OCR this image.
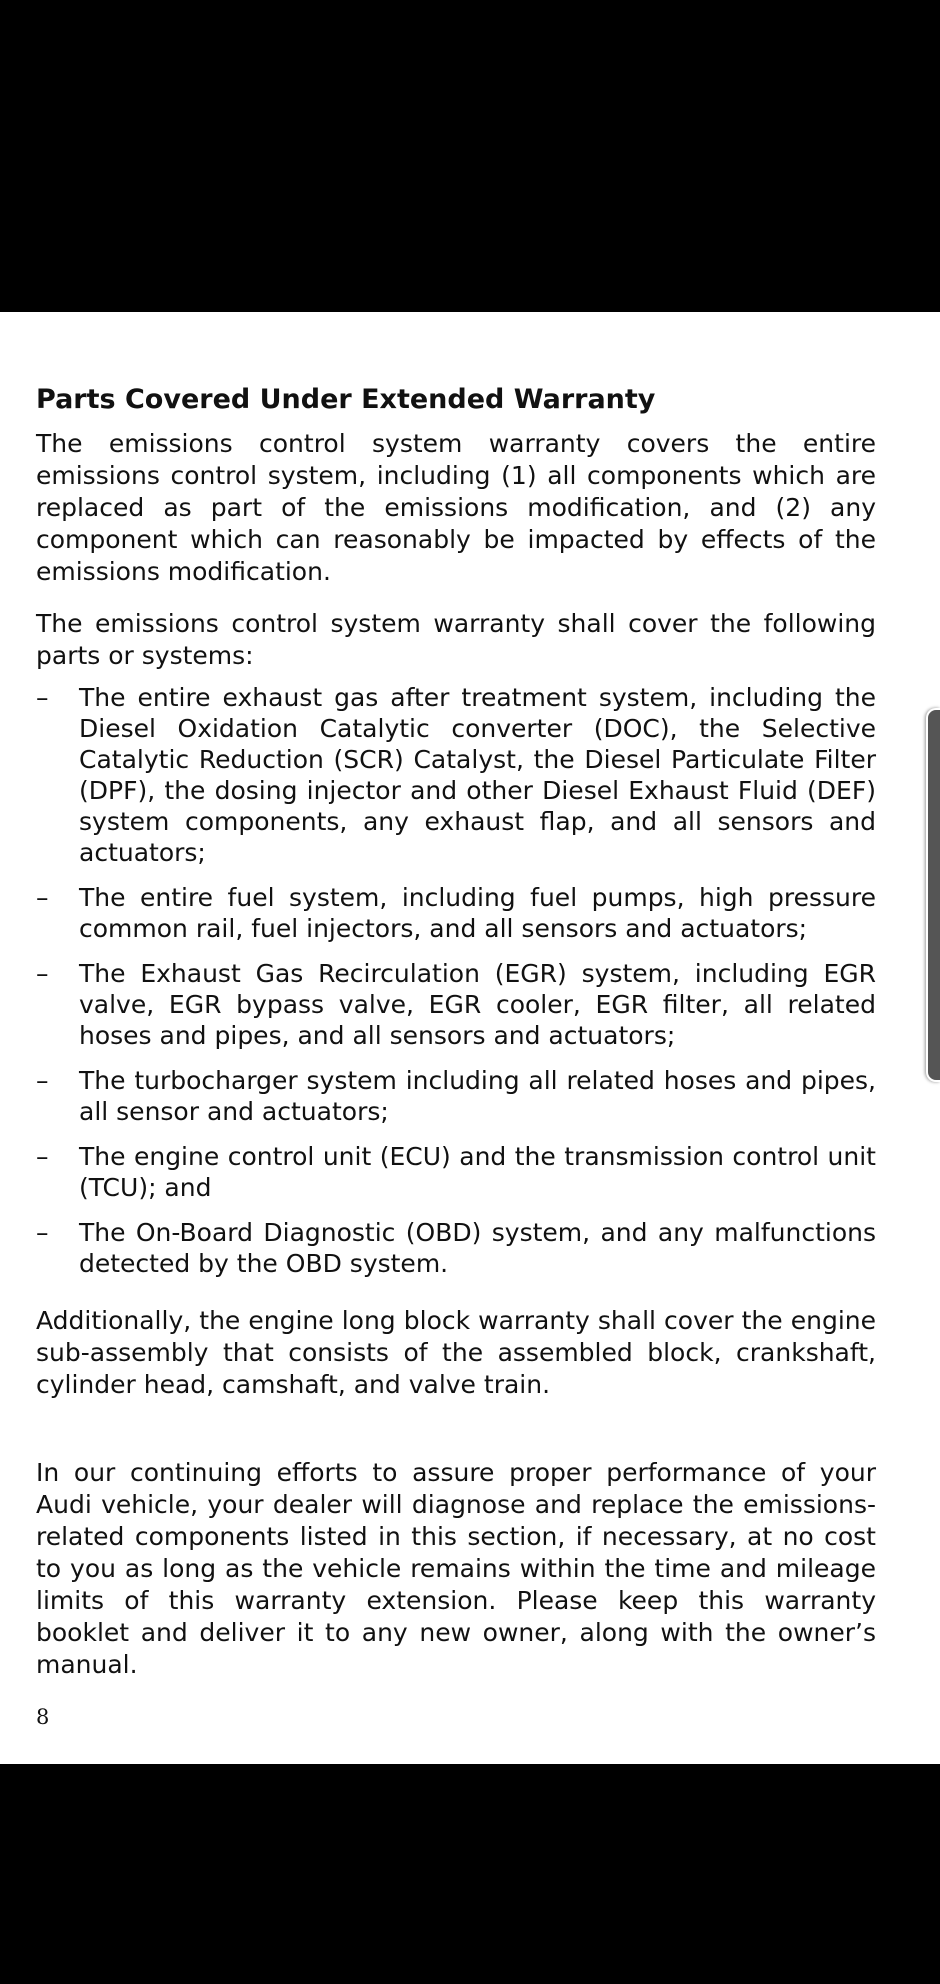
Parts Covered Under Extended Warranty

The emissions control system warranty covers the entire emissions control system, including (1) all components which are replaced as part of the emissions modification, and (2) any component which can reasonably be impacted by effects of the emissions modification.

The emissions control system warranty shall cover the following parts or systems:

– The entire exhaust gas after treatment system, including the Diesel Oxidation Catalytic converter (DOC), the Selective Catalytic Reduction (SCR) Catalyst, the Diesel Particulate Filter (DPF), the dosing injector and other Diesel Exhaust Fluid (DEF) system components, any exhaust flap, and all sensors and actuators;
– The entire fuel system, including fuel pumps, high pressure common rail, fuel injectors, and all sensors and actuators;
– The Exhaust Gas Recirculation (EGR) system, including EGR valve, EGR bypass valve, EGR cooler, EGR filter, all related hoses and pipes, and all sensors and actuators;
– The turbocharger system including all related hoses and pipes, all sensor and actuators;
– The engine control unit (ECU) and the transmission control unit (TCU); and
– The On-Board Diagnostic (OBD) system, and any malfunctions detected by the OBD system.

Additionally, the engine long block warranty shall cover the engine sub-assembly that consists of the assembled block, crankshaft, cylinder head, camshaft, and valve train.

In our continuing efforts to assure proper performance of your Audi vehicle, your dealer will diagnose and replace the emissions-related components listed in this section, if necessary, at no cost to you as long as the vehicle remains within the time and mileage limits of this warranty extension. Please keep this warranty booklet and deliver it to any new owner, along with the owner’s manual.

8
